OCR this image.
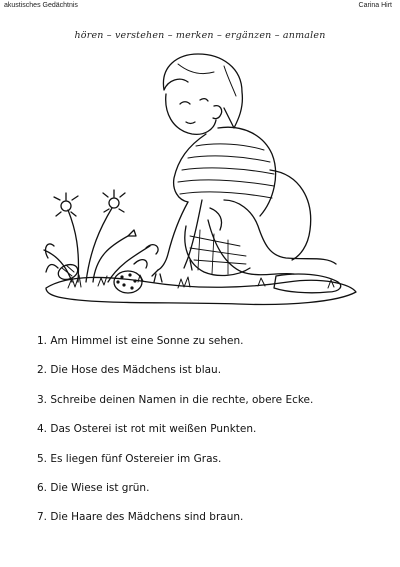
akustisches Gedächtnis	Carina Hirt
hören – verstehen – merken – ergänzen – anmalen
1. Am Himmel ist eine Sonne zu sehen.
2. Die Hose des Mädchens ist blau.
3. Schreibe deinen Namen in die rechte, obere Ecke.
4. Das Osterei ist rot mit weißen Punkten.
5. Es liegen fünf Ostereier im Gras.
6. Die Wiese ist grün.
7. Die Haare des Mädchens sind braun.
